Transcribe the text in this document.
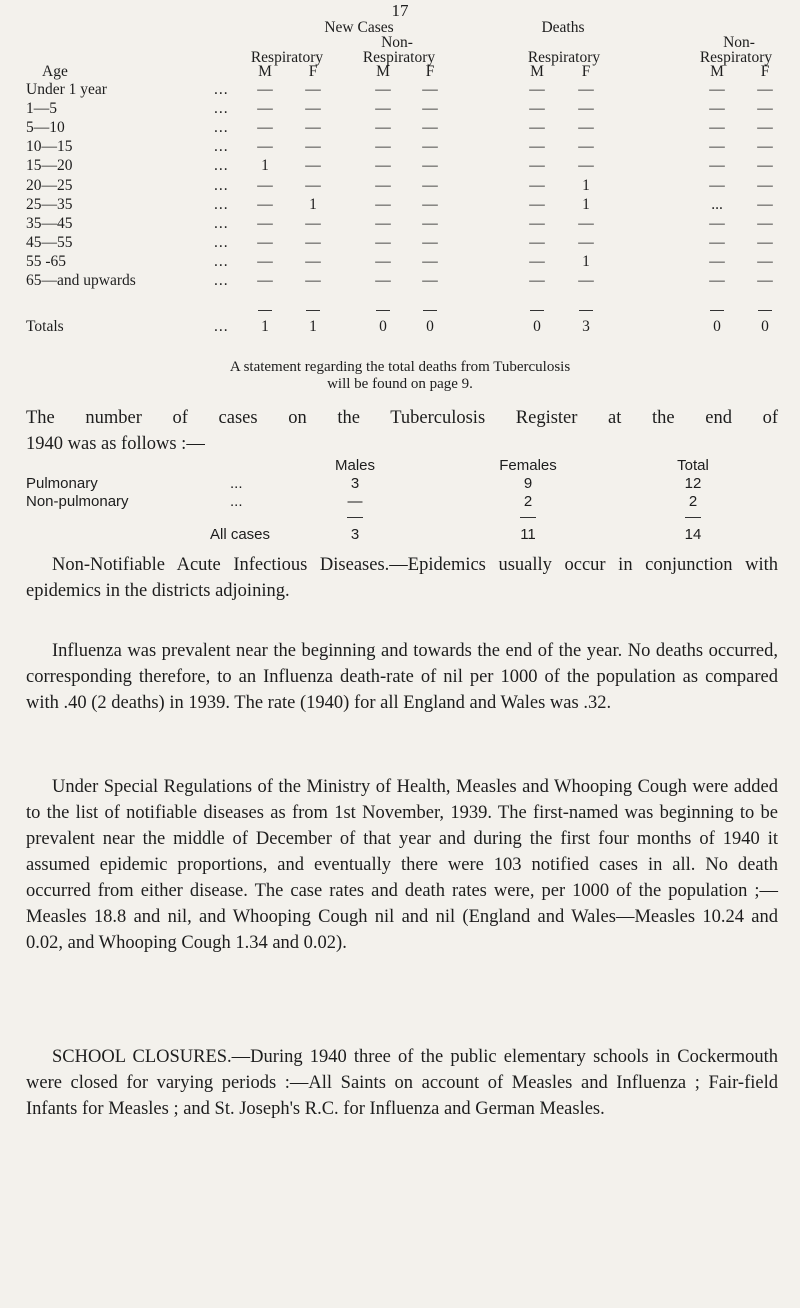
17
New Cases	Deaths
Non-	Non-
Respiratory	Respiratory	Respiratory	Respiratory
Age	M	F	M	F	M	F	M	F
Under 1 year	...	—	—	—	—	—	—	—	—
1—5	...	—	—	—	—	—	—	—	—
5—10	...	—	—	—	—	—	—	—	—
10—15	...	—	—	—	—	—	—	—	—
15—20	...	1	—	—	—	—	—	—	—
20—25	...	—	—	—	—	—	1	—	—
25—35	...	—	1	—	—	—	1	...	—
35—45	...	—	—	—	—	—	—	—	—
45—55	...	—	—	—	—	—	—	—	—
55 -65	...	—	—	—	—	—	1	—	—
65—and upwards	...	—	—	—	—	—	—	—	—
Totals	...	1	1	0	0	0	3	0	0
A statement regarding the total deaths from Tuberculosis
will be found on page 9.

The number of cases on the Tuberculosis Register at the end of

1940 was as follows :—

Males	Females	Total
Pulmonary	...	3	9	12
Non-pulmonary	...	—	2	2
All cases	3	11	14

Non-Notifiable Acute Infectious Diseases.—Epidemics usually occur in conjunction with epidemics in the districts adjoining.

Influenza was prevalent near the beginning and towards the end of the year. No deaths occurred, corresponding therefore, to an Influenza death-rate of nil per 1000 of the population as compared with .40 (2 deaths) in 1939. The rate (1940) for all England and Wales was .32.

Under Special Regulations of the Ministry of Health, Measles and Whooping Cough were added to the list of notifiable diseases as from 1st November, 1939. The first-named was beginning to be prevalent near the middle of December of that year and during the first four months of 1940 it assumed epidemic proportions, and eventually there were 103 notified cases in all. No death occurred from either disease. The case rates and death rates were, per 1000 of the population ;—Measles 18.8 and nil, and Whooping Cough nil and nil (England and Wales—Measles 10.24 and 0.02, and Whooping Cough 1.34 and 0.02).

SCHOOL CLOSURES.—During 1940 three of the public elementary schools in Cockermouth were closed for varying periods :—All Saints on account of Measles and Influenza ; Fair-field Infants for Measles ; and St. Joseph's R.C. for Influenza and German Measles.
